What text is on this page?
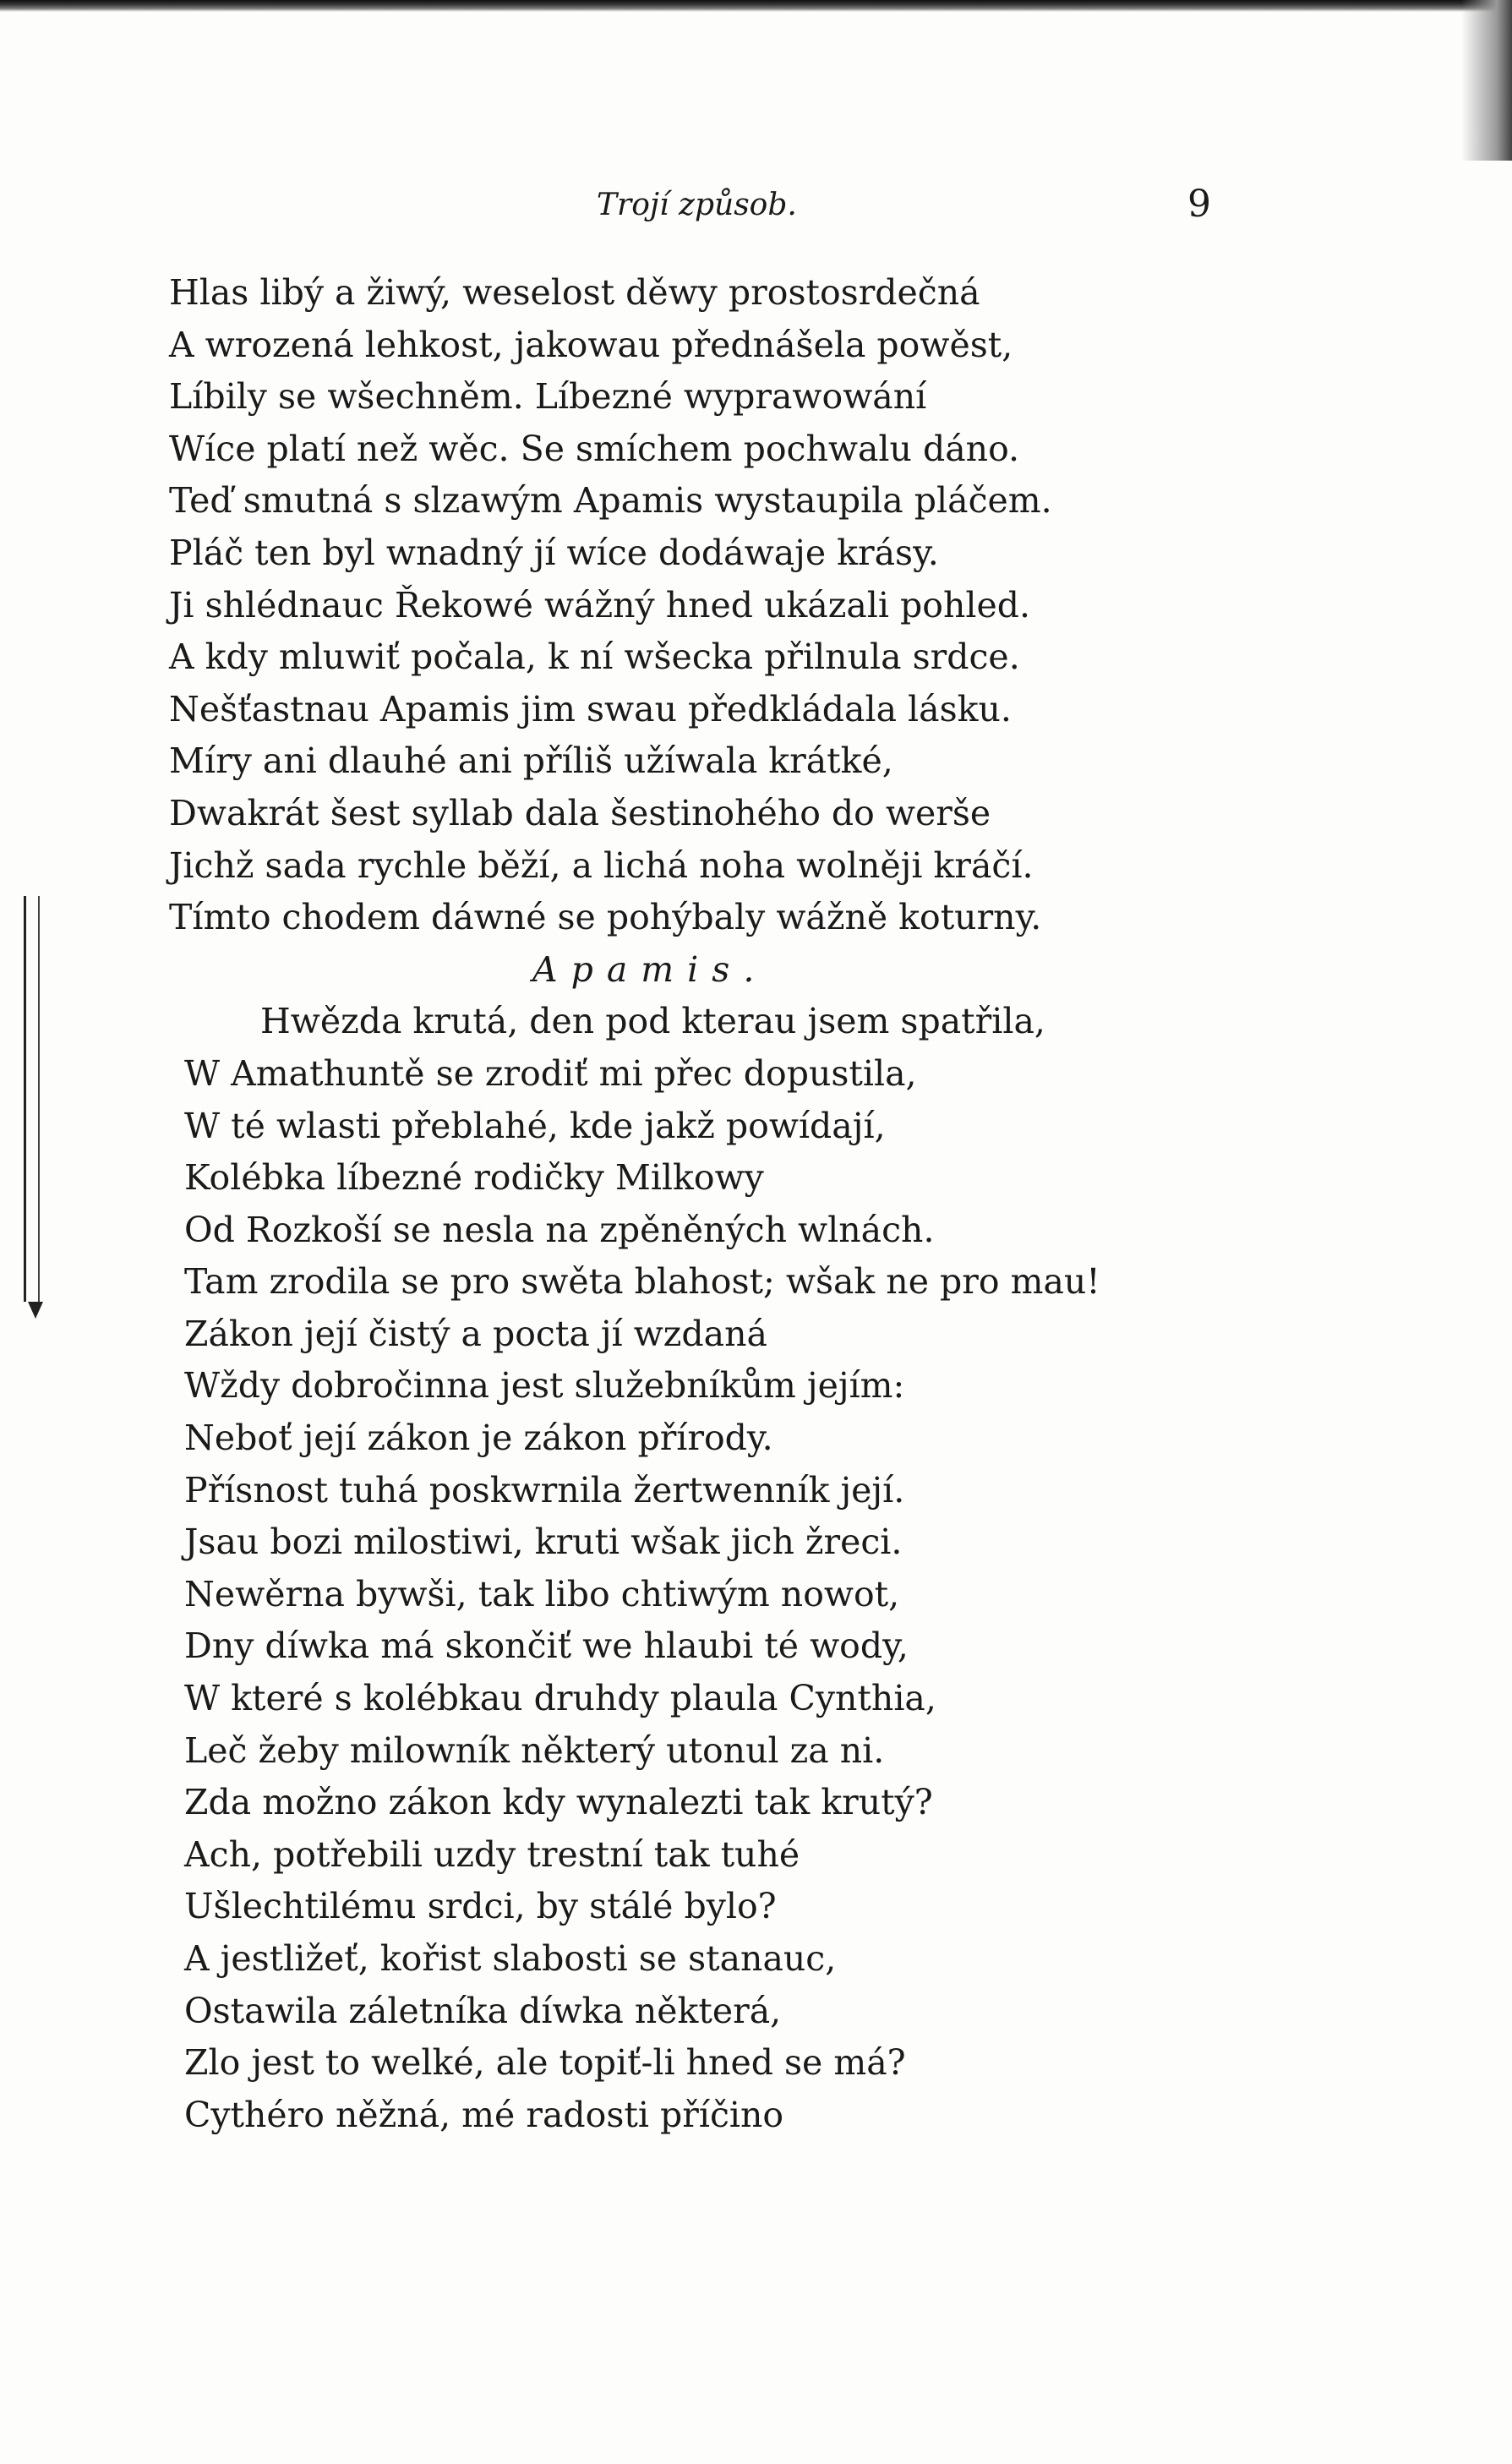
Trojí způsob.	9
Hlas libý a žiwý, weselost děwy prostosrdečná
A wrozená lehkost, jakowau přednášela powěst,
Líbily se wšechněm. Líbezné wyprawowání
Wíce platí než wěc. Se smíchem pochwalu dáno.
Teď smutná s slzawým Apamis wystaupila pláčem.
Pláč ten byl wnadný jí wíce dodáwaje krásy.
Ji shlédnauc Řekowé wážný hned ukázali pohled.
A kdy mluwiť počala, k ní wšecka přilnula srdce.
Nešťastnau Apamis jim swau předkládala lásku.
Míry ani dlauhé ani příliš užíwala krátké,
Dwakrát šest syllab dala šestinohého do werše
Jichž sada rychle běží, a lichá noha wolněji kráčí.
Tímto chodem dáwné se pohýbaly wážně koturny.
Apamis.
Hwězda krutá, den pod kterau jsem spatřila,
W Amathuntě se zrodiť mi přec dopustila,
W té wlasti přeblahé, kde jakž powídají,
Kolébka líbezné rodičky Milkowy
Od Rozkoší se nesla na zpěněných wlnách.
Tam zrodila se pro swěta blahost; wšak ne pro mau!
Zákon její čistý a pocta jí wzdaná
Wždy dobročinna jest služebníkům jejím:
Neboť její zákon je zákon přírody.
Přísnost tuhá poskwrnila žertwenník její.
Jsau bozi milostiwi, kruti wšak jich žreci.
Newěrna bywši, tak libo chtiwým nowot,
Dny díwka má skončiť we hlaubi té wody,
W které s kolébkau druhdy plaula Cynthia,
Leč žeby milowník některý utonul za ni.
Zda možno zákon kdy wynalezti tak krutý?
Ach, potřebili uzdy trestní tak tuhé
Ušlechtilému srdci, by stálé bylo?
A jestližeť, kořist slabosti se stanauc,
Ostawila záletníka díwka některá,
Zlo jest to welké, ale topiť-li hned se má?
Cythéro něžná, mé radosti příčino
